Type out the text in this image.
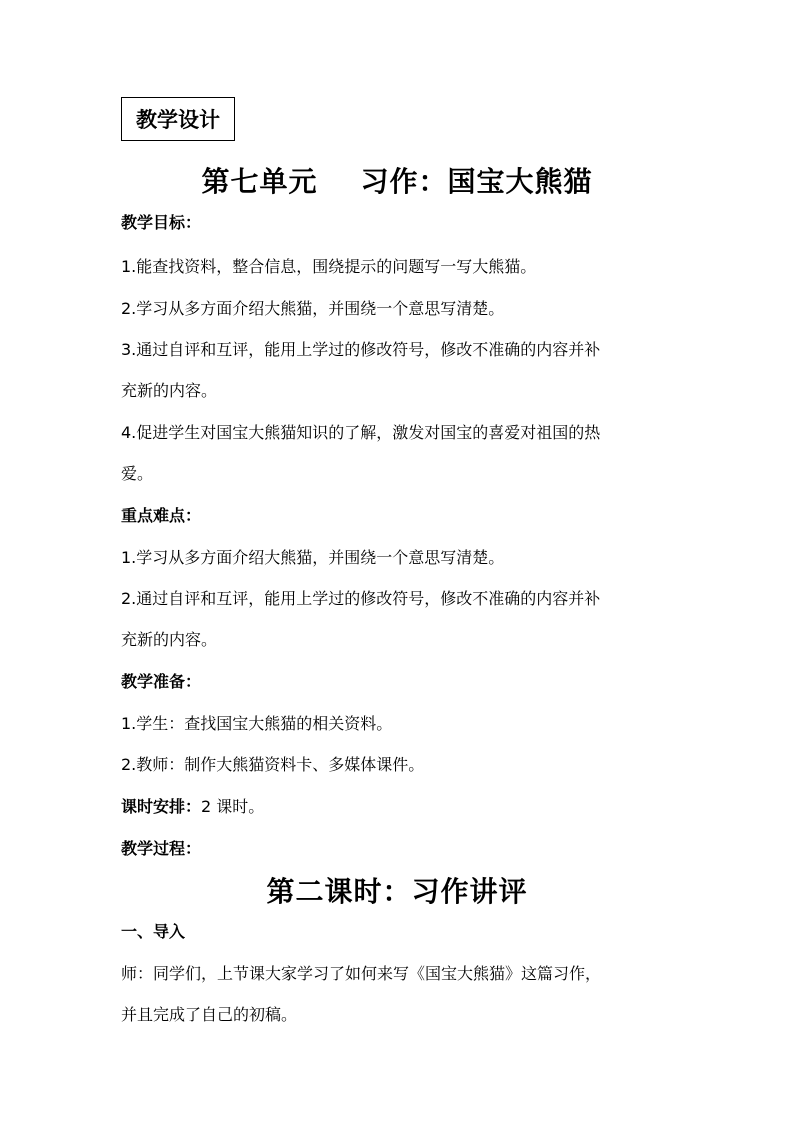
教学设计
第七单元    习作：国宝大熊猫
教学目标：
1.能查找资料，整合信息，围绕提示的问题写一写大熊猫。
2.学习从多方面介绍大熊猫，并围绕一个意思写清楚。
3.通过自评和互评，能用上学过的修改符号，修改不准确的内容并补
充新的内容。
4.促进学生对国宝大熊猫知识的了解，激发对国宝的喜爱对祖国的热
爱。
重点难点：
1.学习从多方面介绍大熊猫，并围绕一个意思写清楚。
2.通过自评和互评，能用上学过的修改符号，修改不准确的内容并补
充新的内容。
教学准备：
1.学生：查找国宝大熊猫的相关资料。
2.教师：制作大熊猫资料卡、多媒体课件。
课时安排：2 课时。
教学过程：
第二课时：习作讲评
一、导入
师：同学们，上节课大家学习了如何来写《国宝大熊猫》这篇习作，
并且完成了自己的初稿。
